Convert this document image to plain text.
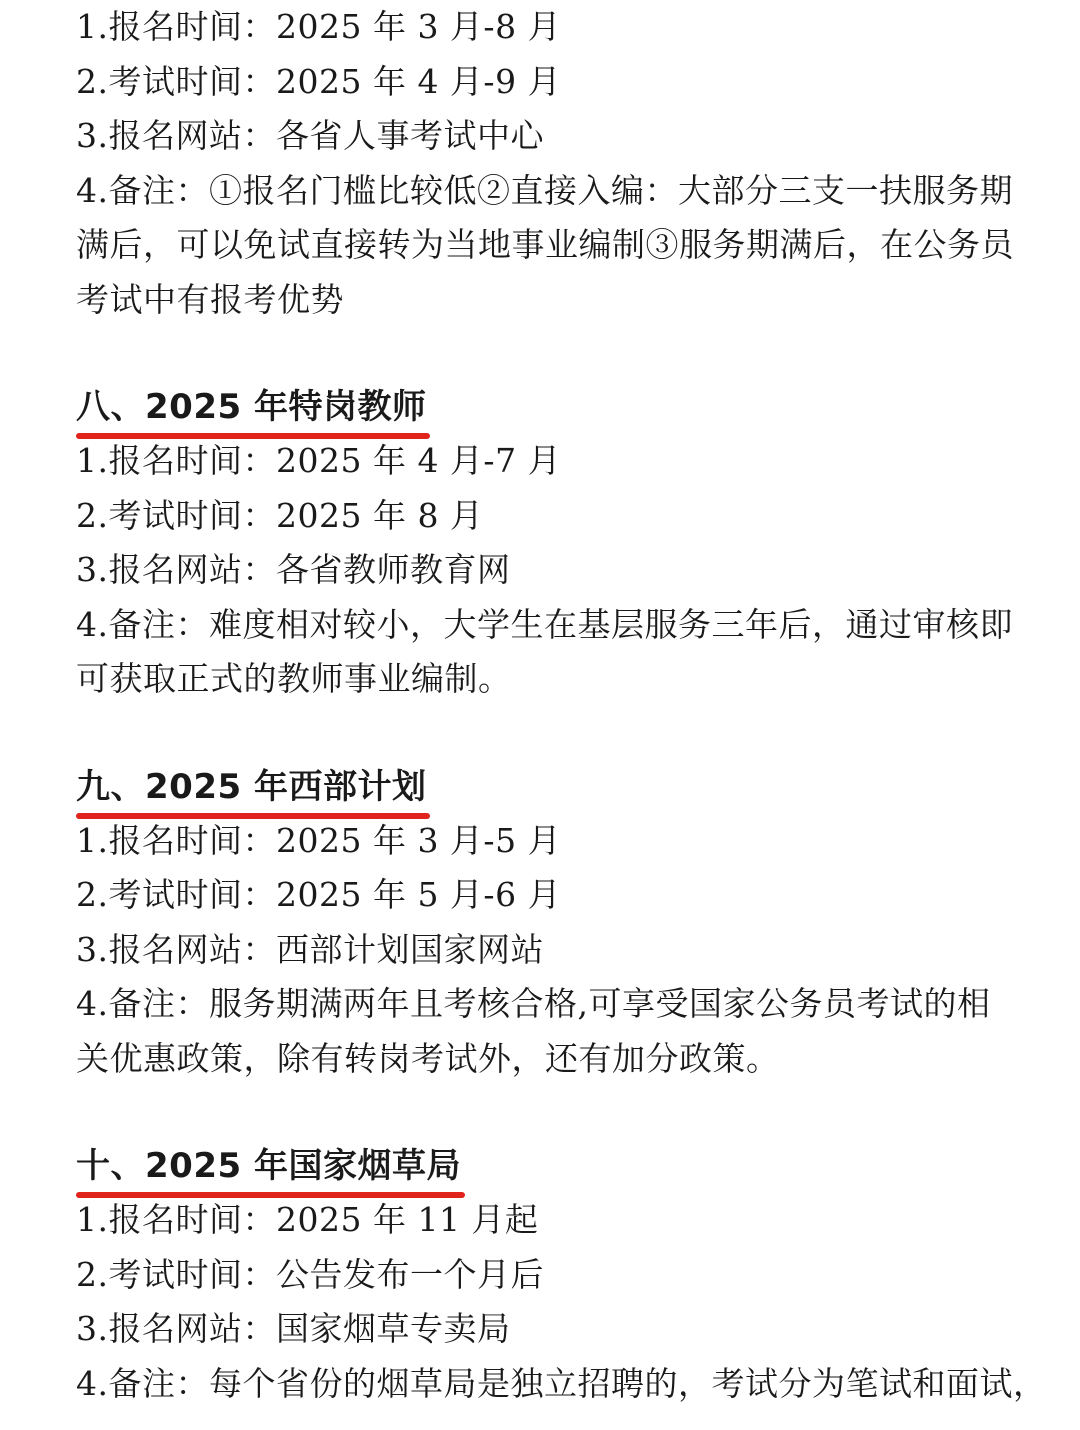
1.报名时间：2025 年 3 月-8 月
2.考试时间：2025 年 4 月-9 月
3.报名网站：各省人事考试中心
4.备注：①报名门槛比较低②直接入编：大部分三支一扶服务期满后，可以免试直接转为当地事业编制③服务期满后，在公务员考试中有报考优势
八、2025 年特岗教师
1.报名时间：2025 年 4 月-7 月
2.考试时间：2025 年 8 月
3.报名网站：各省教师教育网
4.备注：难度相对较小，大学生在基层服务三年后，通过审核即可获取正式的教师事业编制。
九、2025 年西部计划
1.报名时间：2025 年 3 月-5 月
2.考试时间：2025 年 5 月-6 月
3.报名网站：西部计划国家网站
4.备注：服务期满两年且考核合格,可享受国家公务员考试的相关优惠政策，除有转岗考试外，还有加分政策。
十、2025 年国家烟草局
1.报名时间：2025 年 11 月起
2.考试时间：公告发布一个月后
3.报名网站：国家烟草专卖局
4.备注：每个省份的烟草局是独立招聘的，考试分为笔试和面试，
